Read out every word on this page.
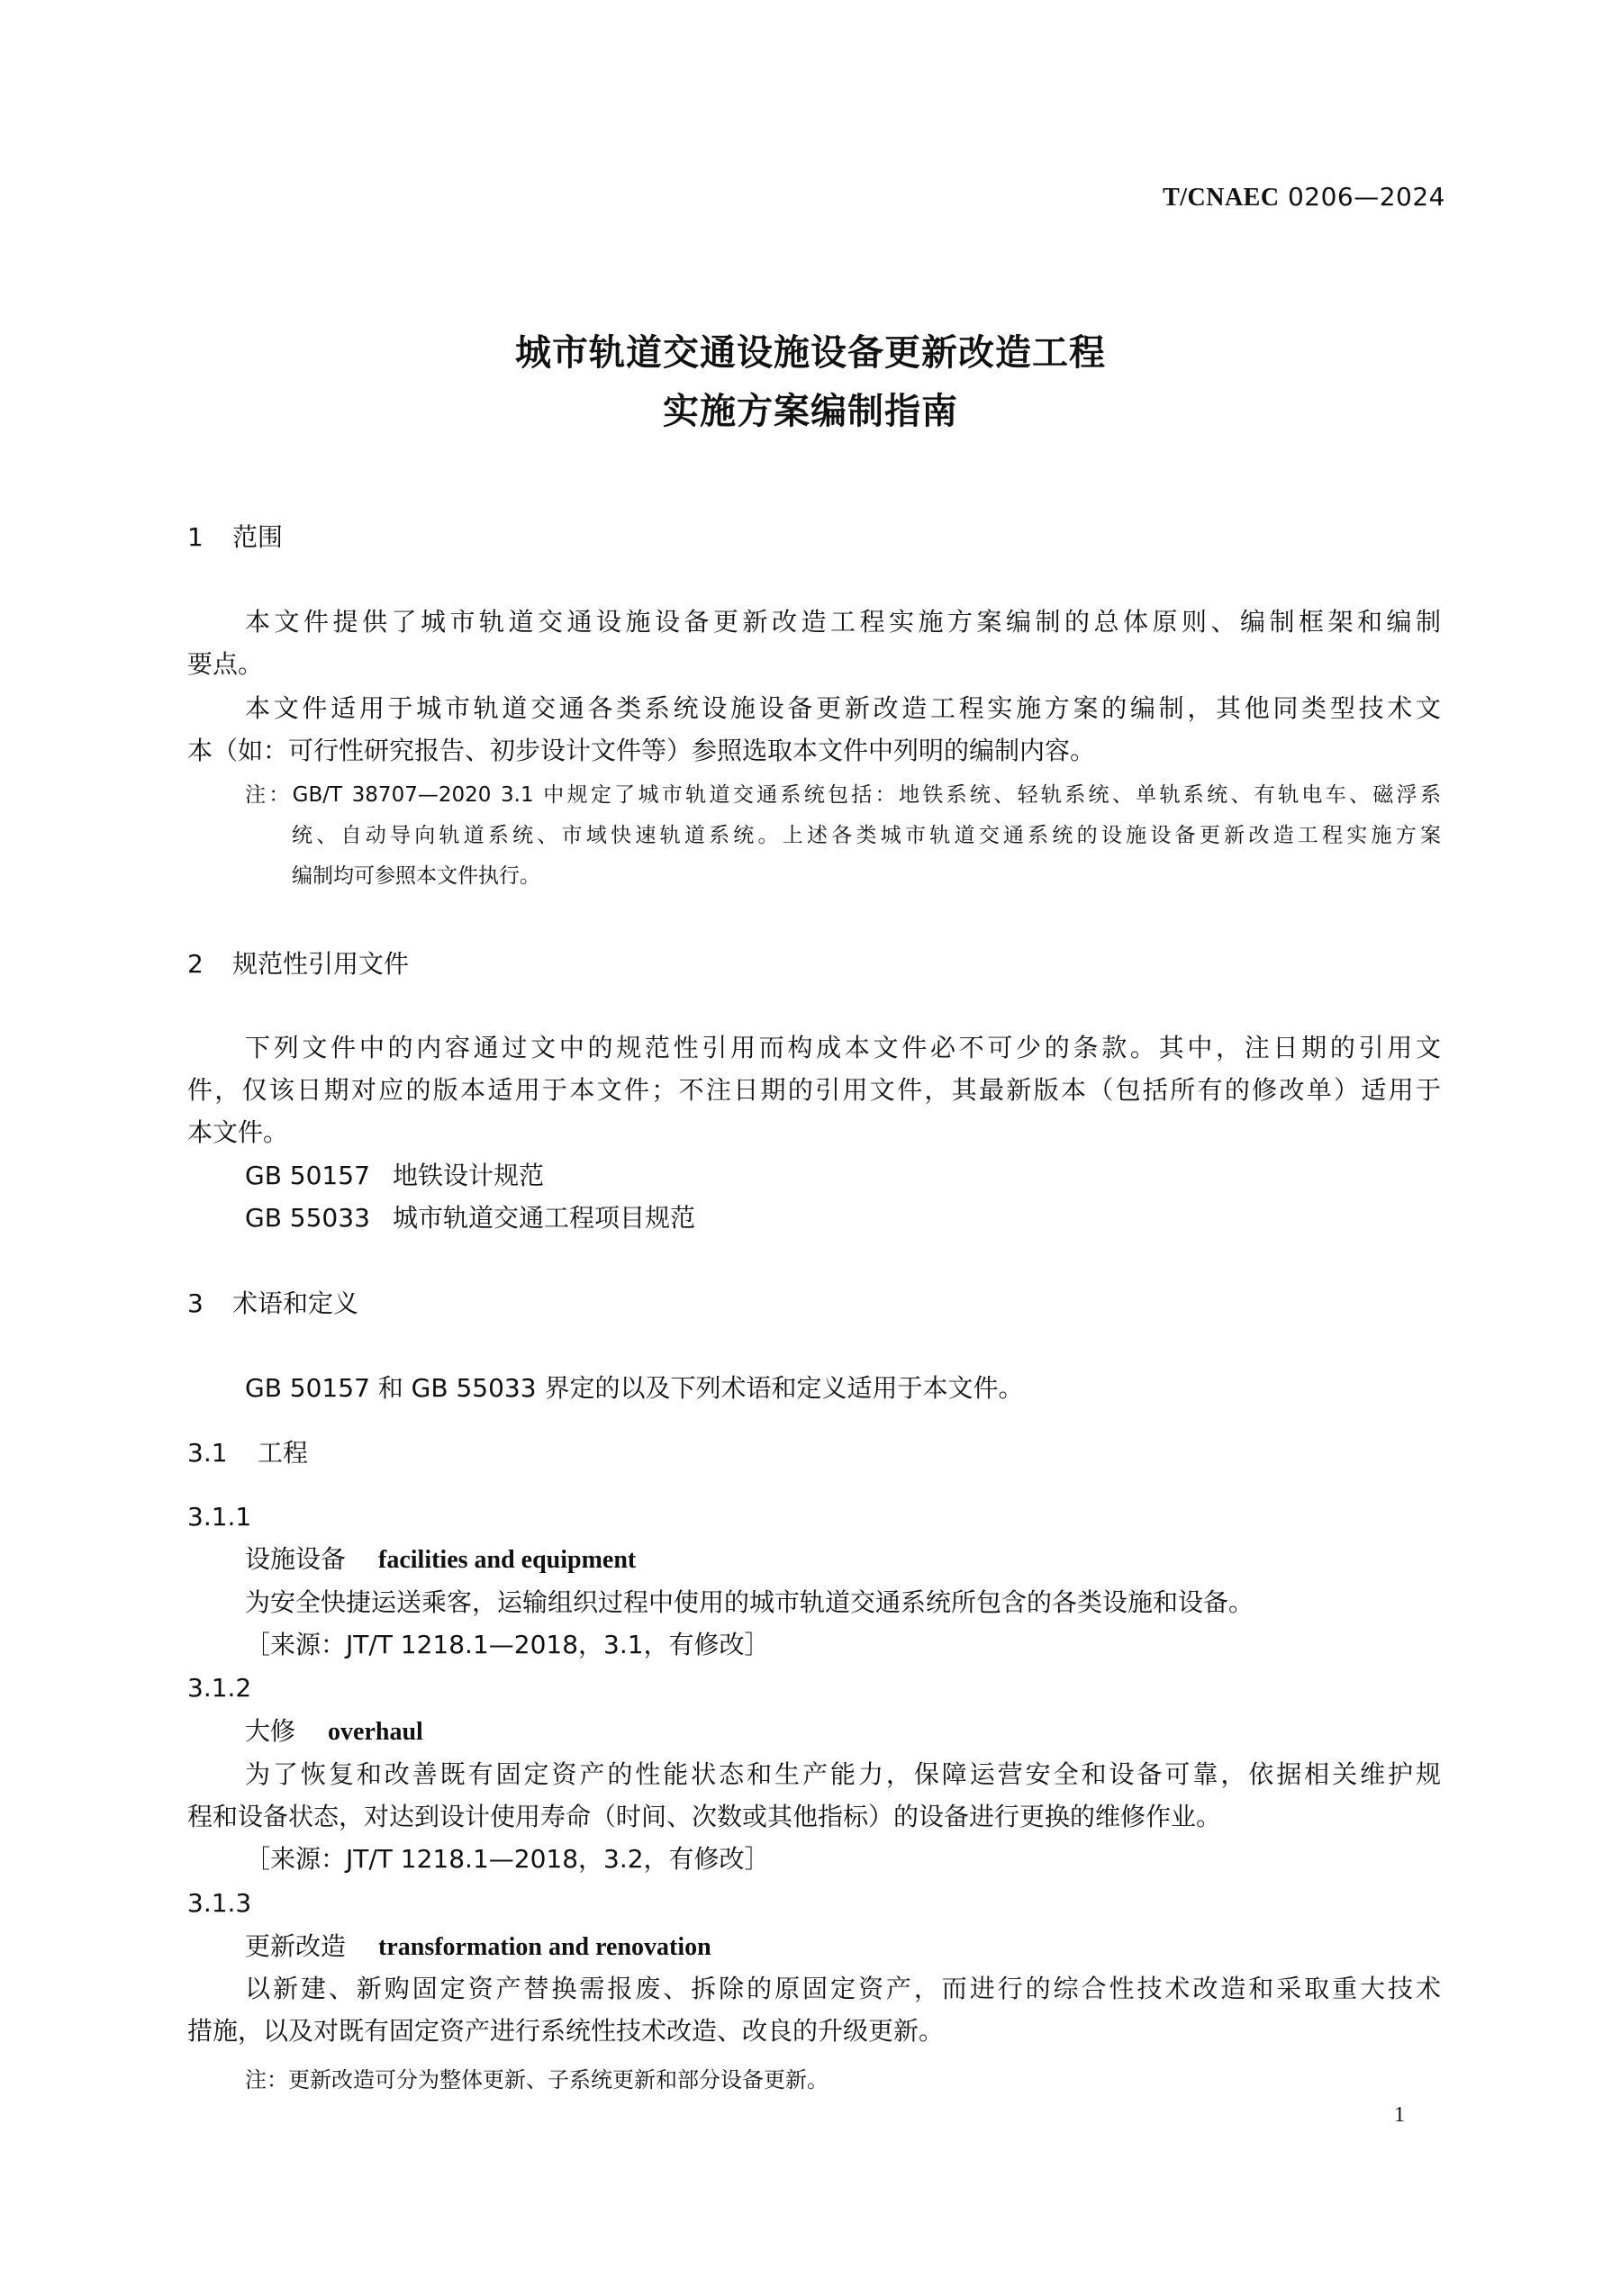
T/CNAEC 0206—2024
城市轨道交通设施设备更新改造工程
实施方案编制指南
1 范围
本文件提供了城市轨道交通设施设备更新改造工程实施方案编制的总体原则、编制框架和编制
要点。
本文件适用于城市轨道交通各类系统设施设备更新改造工程实施方案的编制，其他同类型技术文
本（如：可行性研究报告、初步设计文件等）参照选取本文件中列明的编制内容。
注：GB/T 38707—2020 3.1 中规定了城市轨道交通系统包括：地铁系统、轻轨系统、单轨系统、有轨电车、磁浮系
统、自动导向轨道系统、市域快速轨道系统。上述各类城市轨道交通系统的设施设备更新改造工程实施方案
编制均可参照本文件执行。
2 规范性引用文件
下列文件中的内容通过文中的规范性引用而构成本文件必不可少的条款。其中，注日期的引用文
件，仅该日期对应的版本适用于本文件；不注日期的引用文件，其最新版本（包括所有的修改单）适用于
本文件。
GB 50157 地铁设计规范
GB 55033 城市轨道交通工程项目规范
3 术语和定义
GB 50157 和 GB 55033 界定的以及下列术语和定义适用于本文件。
3.1 工程
3.1.1
设施设备 facilities and equipment
为安全快捷运送乘客，运输组织过程中使用的城市轨道交通系统所包含的各类设施和设备。
［来源：JT/T 1218.1—2018，3.1，有修改］
3.1.2
大修 overhaul
为了恢复和改善既有固定资产的性能状态和生产能力，保障运营安全和设备可靠，依据相关维护规
程和设备状态，对达到设计使用寿命（时间、次数或其他指标）的设备进行更换的维修作业。
［来源：JT/T 1218.1—2018，3.2，有修改］
3.1.3
更新改造 transformation and renovation
以新建、新购固定资产替换需报废、拆除的原固定资产，而进行的综合性技术改造和采取重大技术
措施，以及对既有固定资产进行系统性技术改造、改良的升级更新。
注：更新改造可分为整体更新、子系统更新和部分设备更新。
1
